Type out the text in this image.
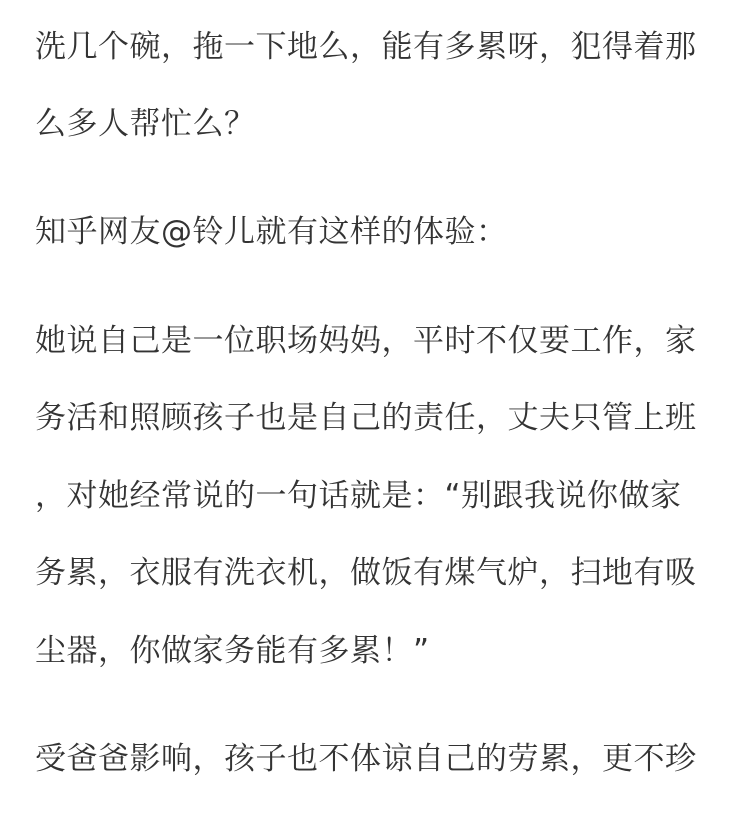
洗几个碗，拖一下地么，能有多累呀，犯得着那
么多人帮忙么？
知乎网友@铃儿就有这样的体验：
她说自己是一位职场妈妈，平时不仅要工作，家
务活和照顾孩子也是自己的责任，丈夫只管上班
，对她经常说的一句话就是：“别跟我说你做家
务累，衣服有洗衣机，做饭有煤气炉，扫地有吸
尘器，你做家务能有多累！”
受爸爸影响，孩子也不体谅自己的劳累，更不珍
